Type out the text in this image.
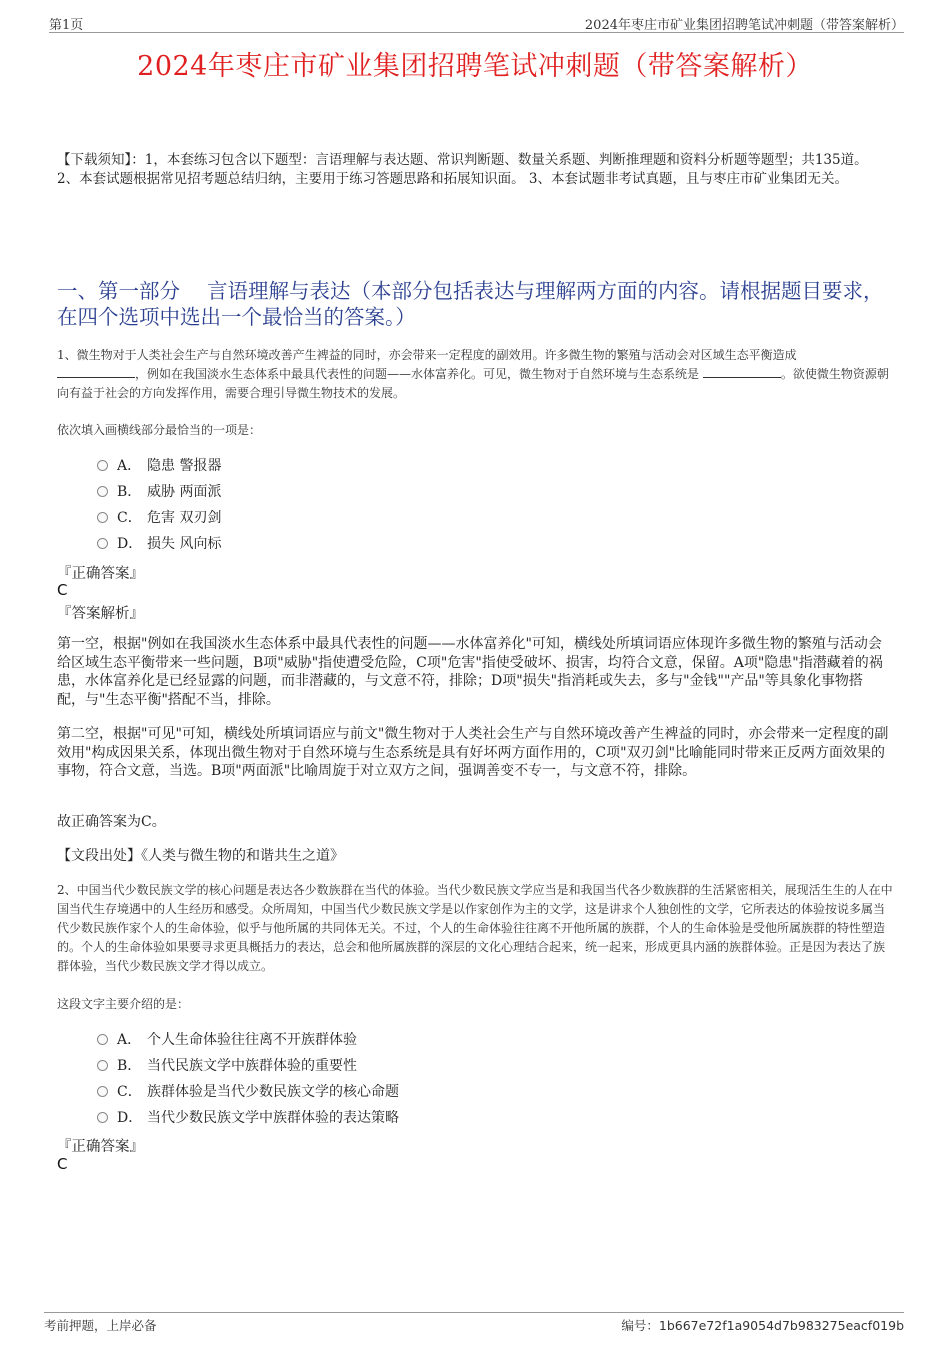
第1页	2024年枣庄市矿业集团招聘笔试冲刺题（带答案解析）
2024年枣庄市矿业集团招聘笔试冲刺题（带答案解析）
【下载须知】：1，本套练习包含以下题型：言语理解与表达题、常识判断题、数量关系题、判断推理题和资料分析题等题型；共135道。 2、本套试题根据常见招考题总结归纳，主要用于练习答题思路和拓展知识面。 3、本套试题非考试真题，且与枣庄市矿业集团无关。
一、第一部分　 言语理解与表达（本部分包括表达与理解两方面的内容。请根据题目要求，在四个选项中选出一个最恰当的答案。）
1、微生物对于人类社会生产与自然环境改善产生裨益的同时，亦会带来一定程度的副效用。许多微生物的繁殖与活动会对区域生态平衡造成
，例如在我国淡水生态体系中最具代表性的问题——水体富养化。可见，微生物对于自然环境与生态系统是	。欲使微生物资源朝向有益于社会的方向发挥作用，需要合理引导微生物技术的发展。
依次填入画横线部分最恰当的一项是：
A． 隐患 警报器
B． 威胁 两面派
C． 危害 双刃剑
D． 损失 风向标
『正确答案』
C
『答案解析』
第一空，根据"例如在我国淡水生态体系中最具代表性的问题——水体富养化"可知，横线处所填词语应体现许多微生物的繁殖与活动会给区域生态平衡带来一些问题，B项"威胁"指使遭受危险，C项"危害"指使受破坏、损害，均符合文意，保留。A项"隐患"指潜藏着的祸患，水体富养化是已经显露的问题，而非潜藏的，与文意不符，排除；D项"损失"指消耗或失去，多与"金钱""产品"等具象化事物搭配，与"生态平衡"搭配不当，排除。
第二空，根据"可见"可知，横线处所填词语应与前文"微生物对于人类社会生产与自然环境改善产生裨益的同时，亦会带来一定程度的副效用"构成因果关系，体现出微生物对于自然环境与生态系统是具有好坏两方面作用的，C项"双刃剑"比喻能同时带来正反两方面效果的事物，符合文意，当选。B项"两面派"比喻周旋于对立双方之间，强调善变不专一，与文意不符，排除。
故正确答案为C。
【文段出处】《人类与微生物的和谐共生之道》
2、中国当代少数民族文学的核心问题是表达各少数族群在当代的体验。当代少数民族文学应当是和我国当代各少数族群的生活紧密相关，展现活生生的人在中国当代生存境遇中的人生经历和感受。众所周知，中国当代少数民族文学是以作家创作为主的文学，这是讲求个人独创性的文学，它所表达的体验按说多属当代少数民族作家个人的生命体验，似乎与他所属的共同体无关。不过，个人的生命体验往往离不开他所属的族群，个人的生命体验是受他所属族群的特性塑造的。个人的生命体验如果要寻求更具概括力的表达，总会和他所属族群的深层的文化心理结合起来，统一起来，形成更具内涵的族群体验。正是因为表达了族群体验，当代少数民族文学才得以成立。
这段文字主要介绍的是：
A． 个人生命体验往往离不开族群体验
B． 当代民族文学中族群体验的重要性
C． 族群体验是当代少数民族文学的核心命题
D． 当代少数民族文学中族群体验的表达策略
『正确答案』
C
考前押题，上岸必备	编号：1b667e72f1a9054d7b983275eacf019b
